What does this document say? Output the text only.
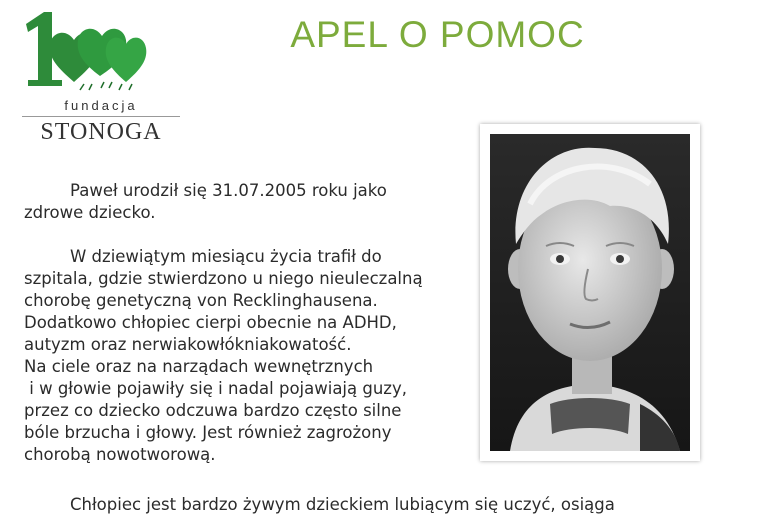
fundacja
STONOGA
APEL O POMOC

Paweł urodził się 31.07.2005 roku jako

zdrowe dziecko.

W dziewiątym miesiącu życia trafił do

szpitala, gdzie stwierdzono u niego nieuleczalną

chorobę genetyczną von Recklinghausena.

Dodatkowo chłopiec cierpi obecnie na ADHD,

autyzm oraz nerwiakowłókniakowatość.

Na ciele oraz na narządach wewnętrznych

i w głowie pojawiły się i nadal pojawiają guzy,

przez co dziecko odczuwa bardzo często silne

bóle brzucha i głowy. Jest również zagrożony

chorobą nowotworową.

Chłopiec jest bardzo żywym dzieckiem lubiącym się uczyć, osiąga
